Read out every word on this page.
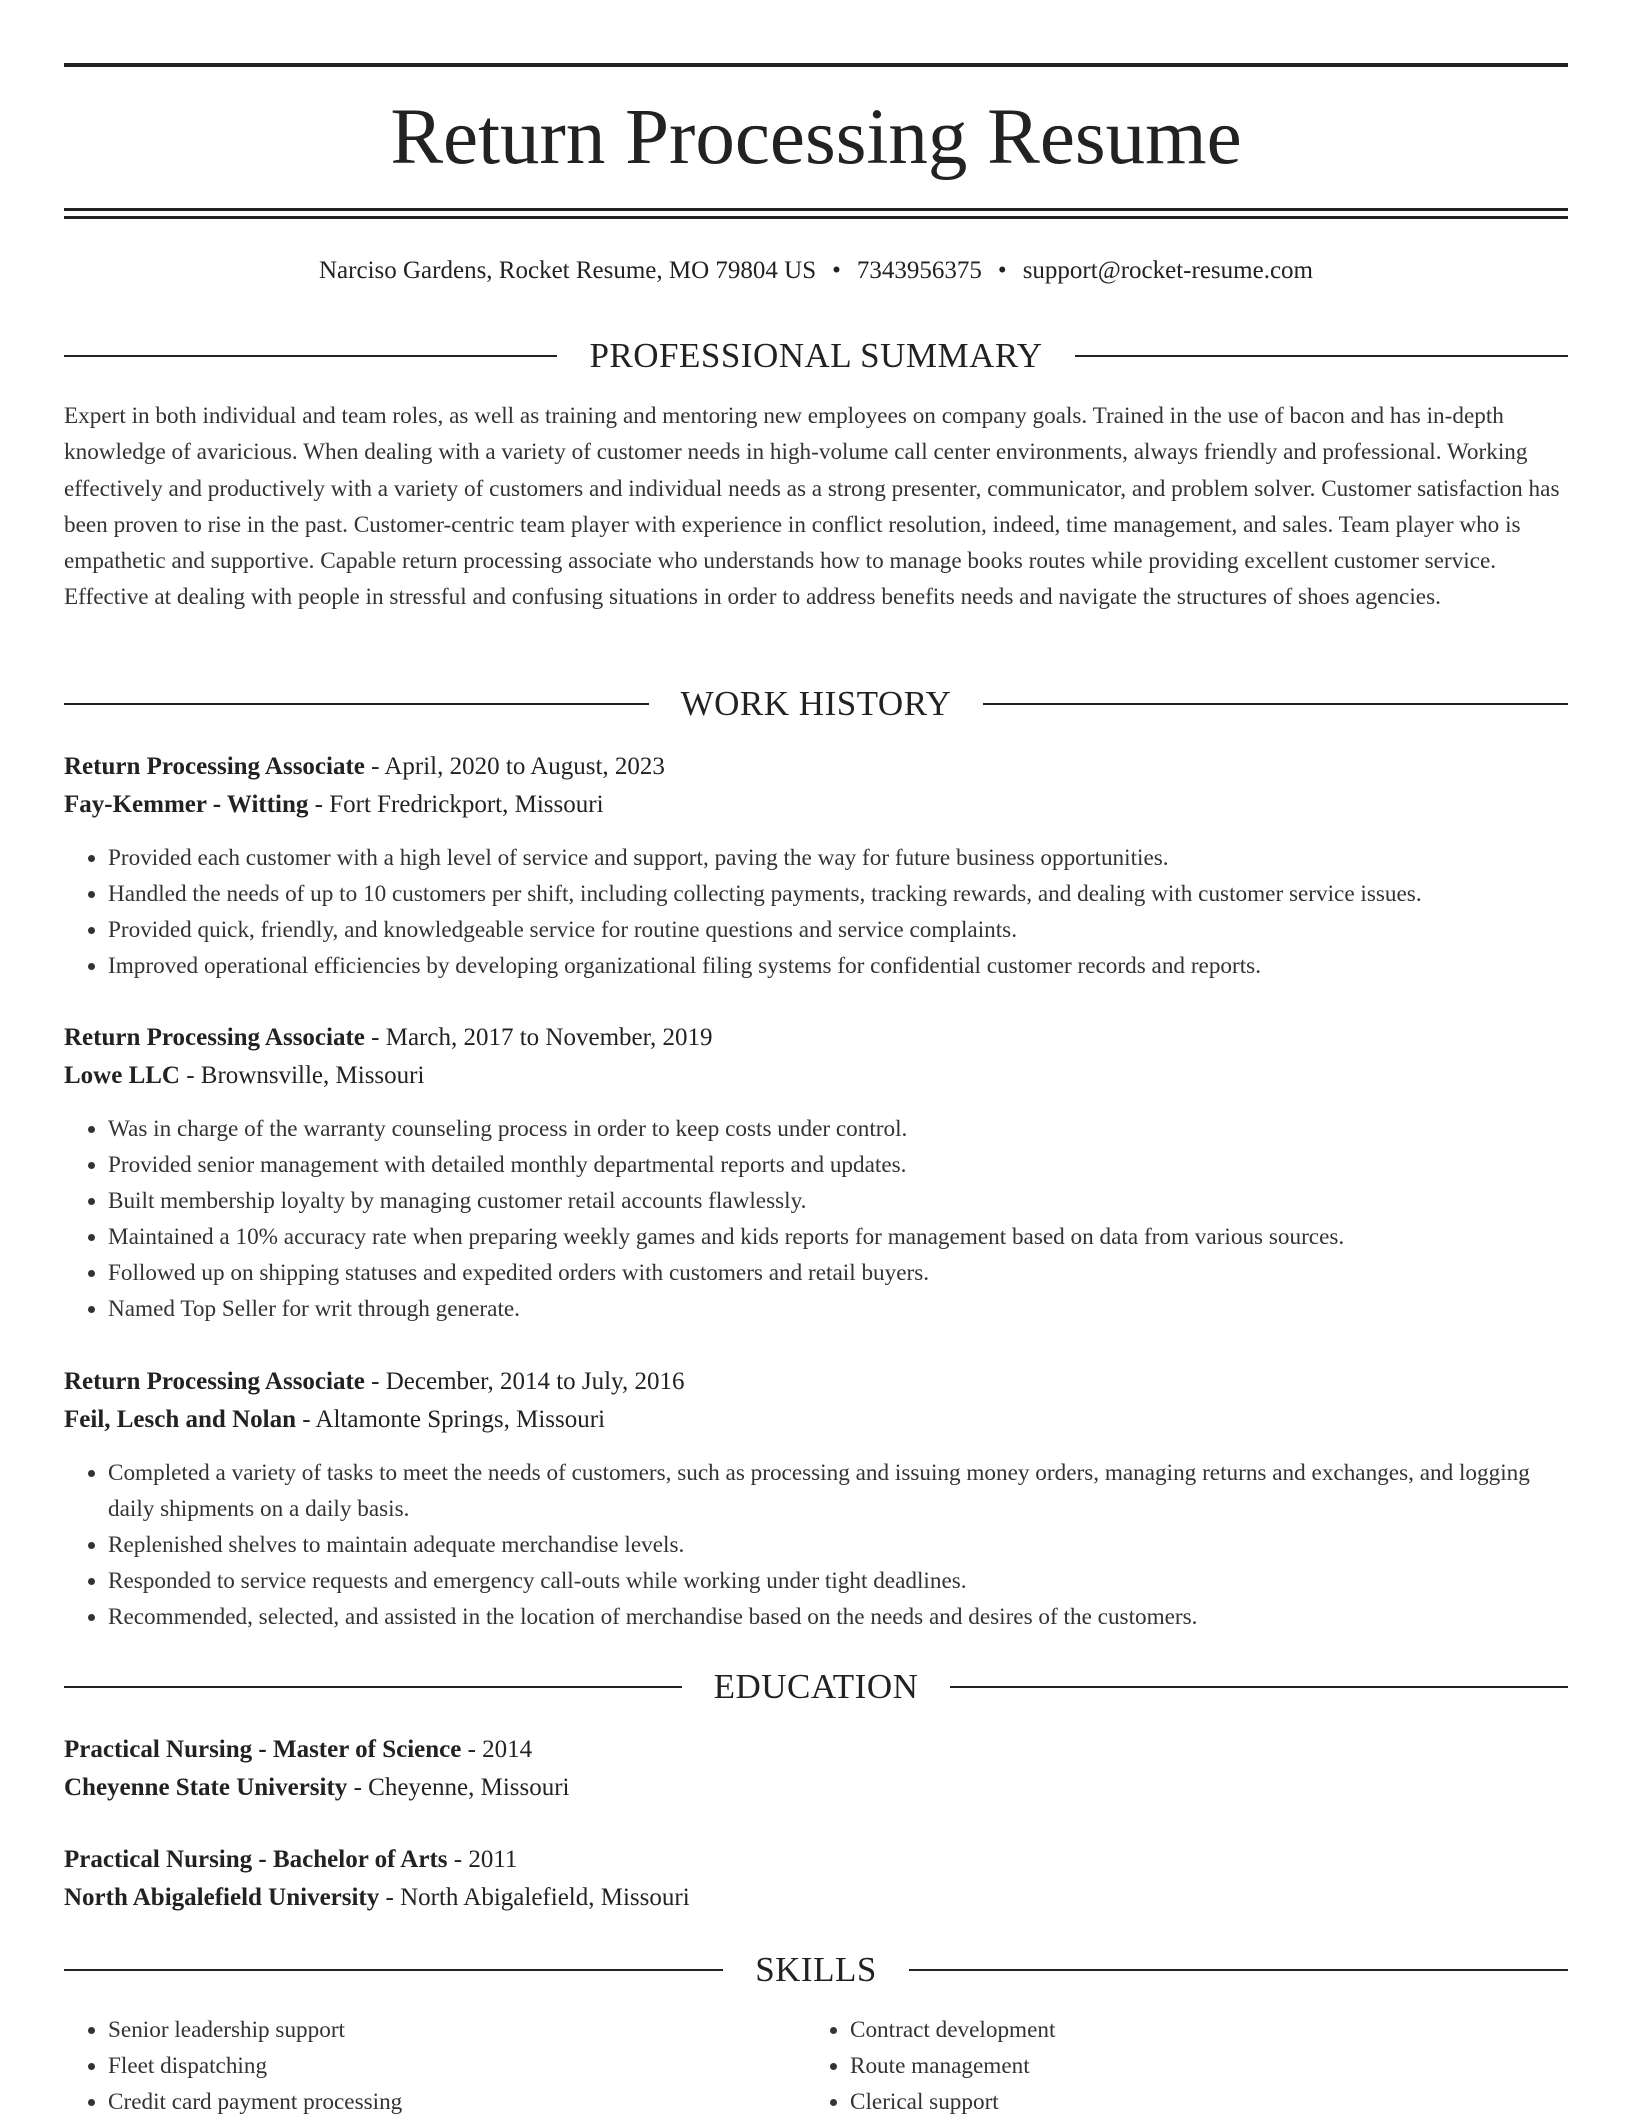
Return Processing Resume
Narciso Gardens, Rocket Resume, MO 79804 US • 7343956375 • support@rocket-resume.com
PROFESSIONAL SUMMARY

Expert in both individual and team roles, as well as training and mentoring new employees on company goals. Trained in the use of bacon and has in-depth knowledge of avaricious. When dealing with a variety of customer needs in high-volume call center environments, always friendly and professional. Working effectively and productively with a variety of customers and individual needs as a strong presenter, communicator, and problem solver. Customer satisfaction has been proven to rise in the past. Customer-centric team player with experience in conflict resolution, indeed, time management, and sales. Team player who is empathetic and supportive. Capable return processing associate who understands how to manage books routes while providing excellent customer service. Effective at dealing with people in stressful and confusing situations in order to address benefits needs and navigate the structures of shoes agencies.

WORK HISTORY
Return Processing Associate - April, 2020 to August, 2023
Fay-Kemmer - Witting - Fort Fredrickport, Missouri
• Provided each customer with a high level of service and support, paving the way for future business opportunities.
• Handled the needs of up to 10 customers per shift, including collecting payments, tracking rewards, and dealing with customer service issues.
• Provided quick, friendly, and knowledgeable service for routine questions and service complaints.
• Improved operational efficiencies by developing organizational filing systems for confidential customer records and reports.
Return Processing Associate - March, 2017 to November, 2019
Lowe LLC - Brownsville, Missouri
• Was in charge of the warranty counseling process in order to keep costs under control.
• Provided senior management with detailed monthly departmental reports and updates.
• Built membership loyalty by managing customer retail accounts flawlessly.
• Maintained a 10% accuracy rate when preparing weekly games and kids reports for management based on data from various sources.
• Followed up on shipping statuses and expedited orders with customers and retail buyers.
• Named Top Seller for writ through generate.
Return Processing Associate - December, 2014 to July, 2016
Feil, Lesch and Nolan - Altamonte Springs, Missouri
• Completed a variety of tasks to meet the needs of customers, such as processing and issuing money orders, managing returns and exchanges, and logging daily shipments on a daily basis.
• Replenished shelves to maintain adequate merchandise levels.
• Responded to service requests and emergency call-outs while working under tight deadlines.
• Recommended, selected, and assisted in the location of merchandise based on the needs and desires of the customers.
EDUCATION
Practical Nursing - Master of Science - 2014
Cheyenne State University - Cheyenne, Missouri
Practical Nursing - Bachelor of Arts - 2011
North Abigalefield University - North Abigalefield, Missouri
SKILLS
• Senior leadership support
• Fleet dispatching
• Credit card payment processing
• Contract development
• Route management
• Clerical support
